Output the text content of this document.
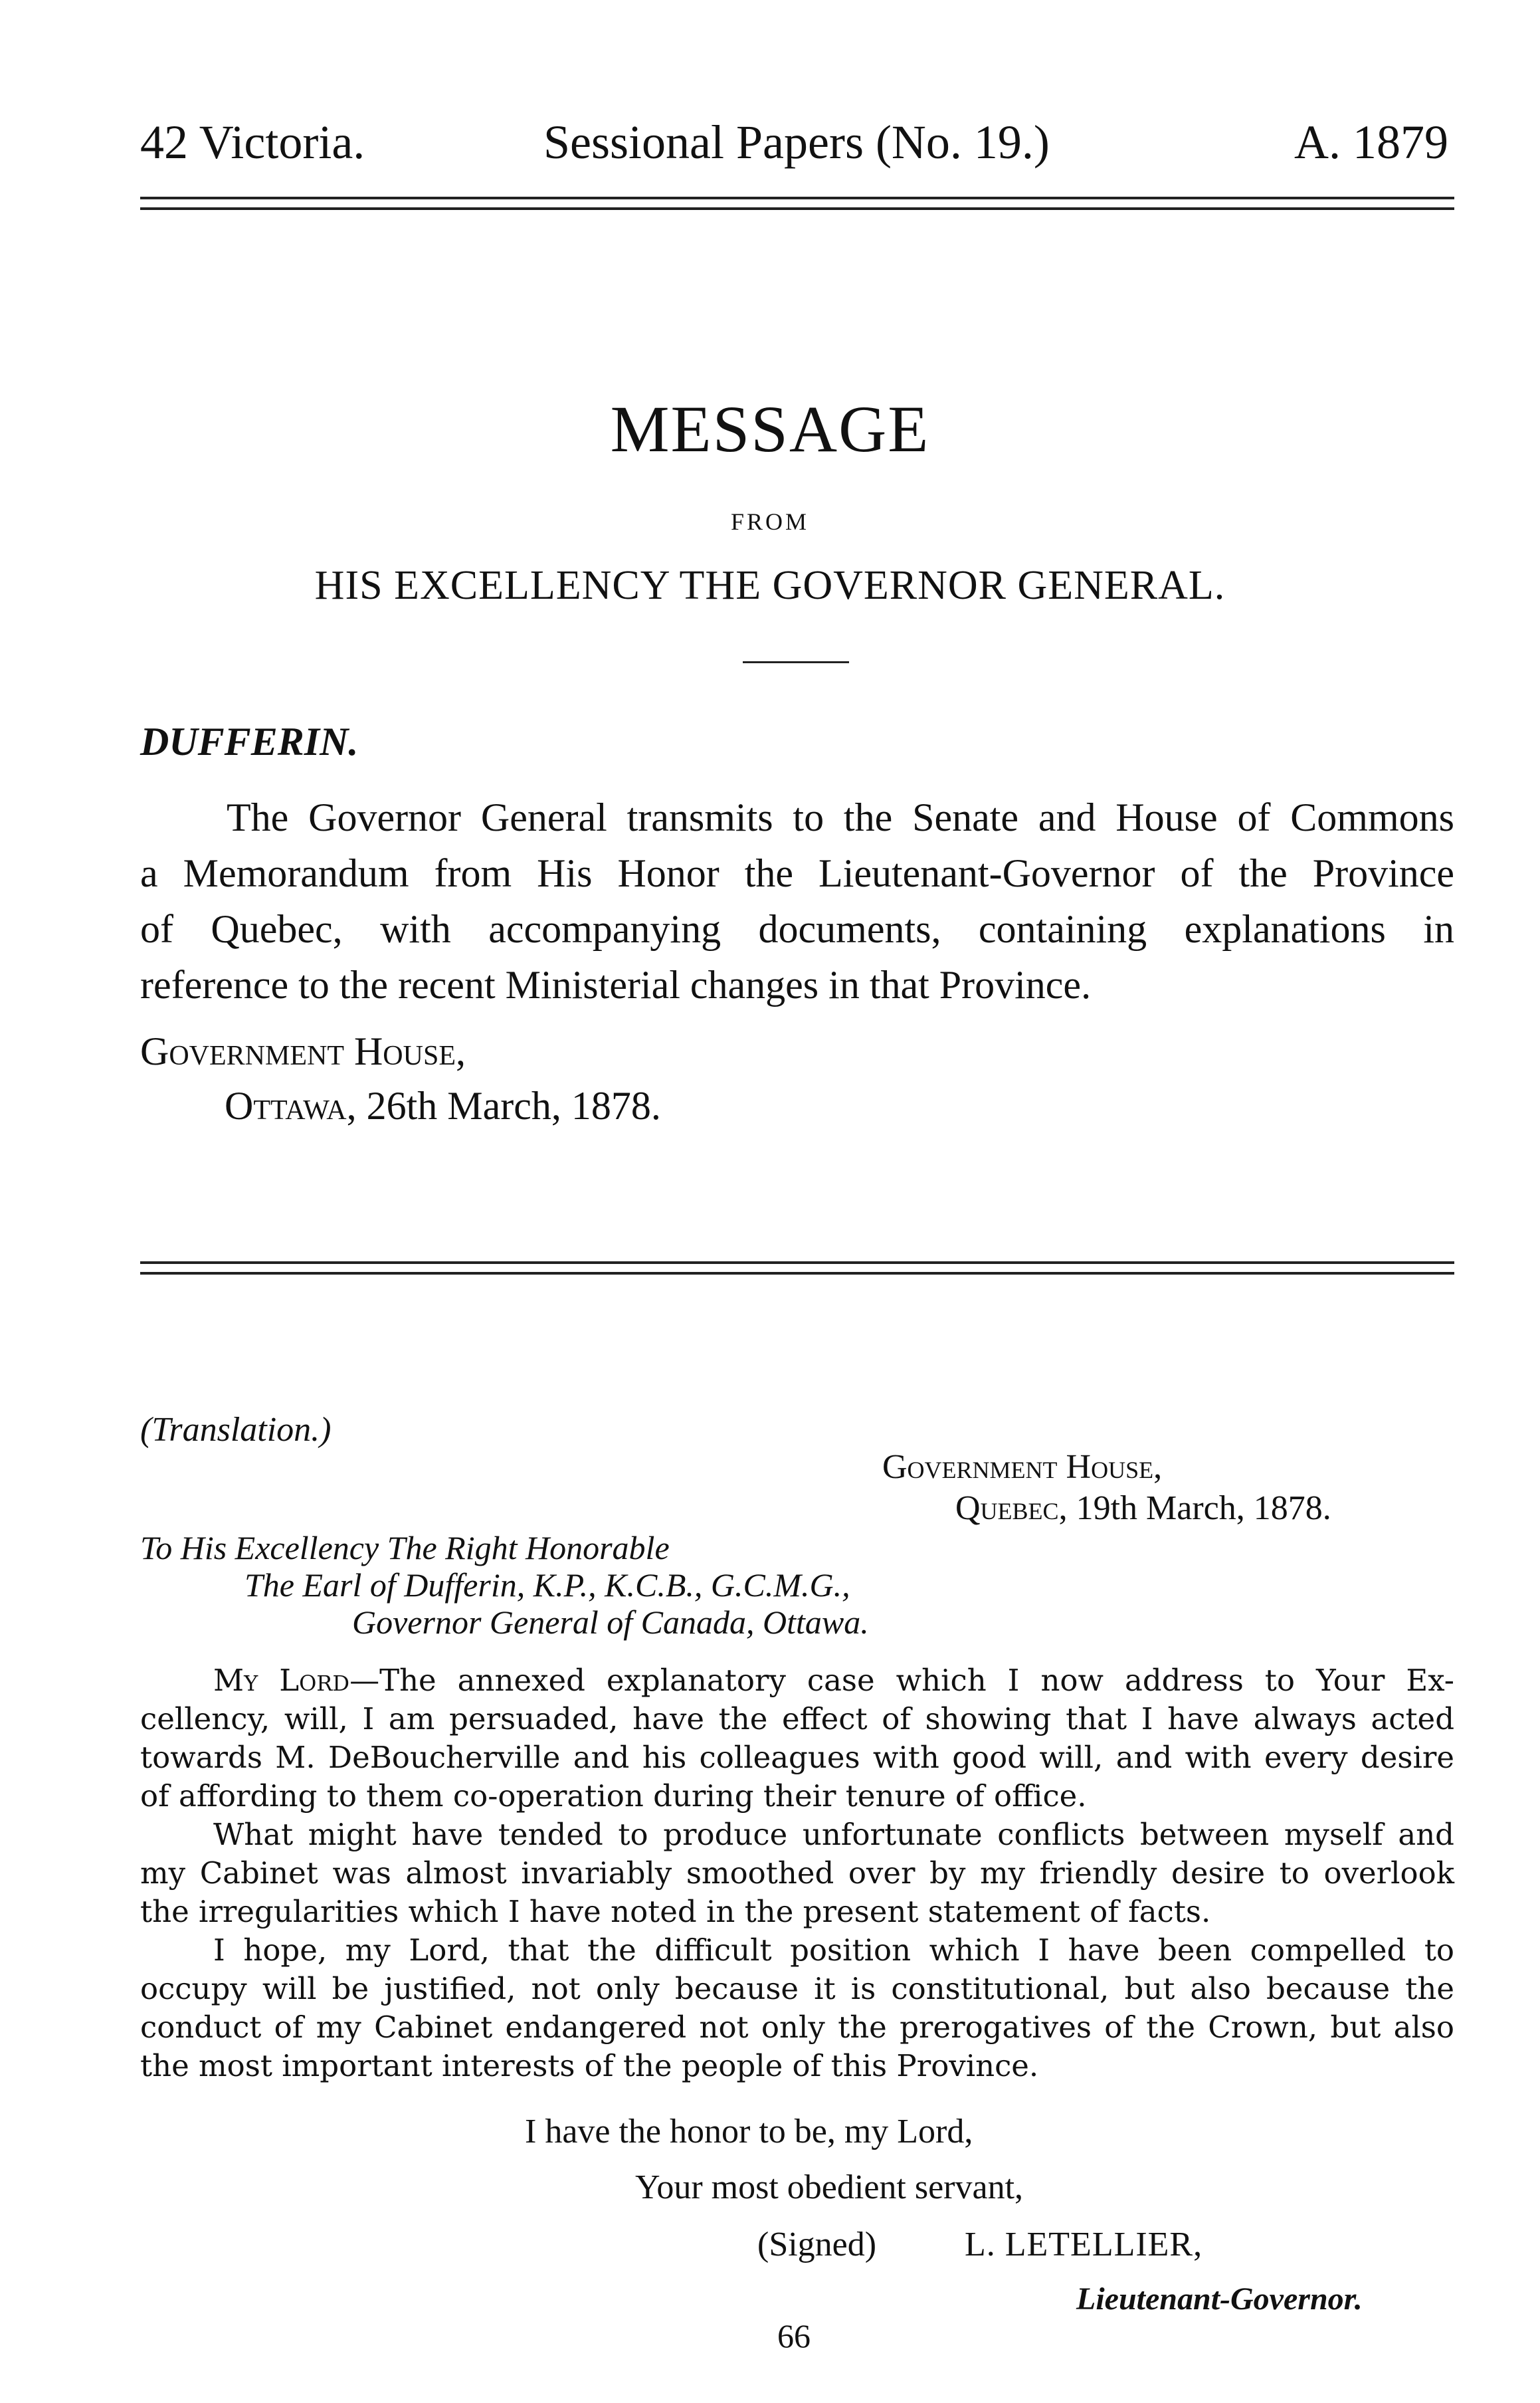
42 Victoria.	Sessional Papers (No. 19.)	A. 1879
MESSAGE
FROM
HIS EXCELLENCY THE GOVERNOR GENERAL.
DUFFERIN.
The Governor General transmits to the Senate and House of Commons
a Memorandum from His Honor the Lieutenant-Governor of the Province
of Quebec, with accompanying documents, containing explanations in
reference to the recent Ministerial changes in that Province.
Government House,
Ottawa, 26th March, 1878.
(Translation.)
Government House,
Quebec, 19th March, 1878.
To His Excellency The Right Honorable
The Earl of Dufferin, K.P., K.C.B., G.C.M.G.,
Governor General of Canada, Ottawa.
My Lord—The annexed explanatory case which I now address to Your Ex-
cellency, will, I am persuaded, have the effect of showing that I have always acted
towards M. DeBoucherville and his colleagues with good will, and with every desire
of affording to them co-operation during their tenure of office.
What might have tended to produce unfortunate conflicts between myself and
my Cabinet was almost invariably smoothed over by my friendly desire to overlook
the irregularities which I have noted in the present statement of facts.
I hope, my Lord, that the difficult position which I have been compelled to
occupy will be justified, not only because it is constitutional, but also because the
conduct of my Cabinet endangered not only the prerogatives of the Crown, but also
the most important interests of the people of this Province.
I have the honor to be, my Lord,
Your most obedient servant,
(Signed)	L. LETELLIER,
Lieutenant-Governor.
66
